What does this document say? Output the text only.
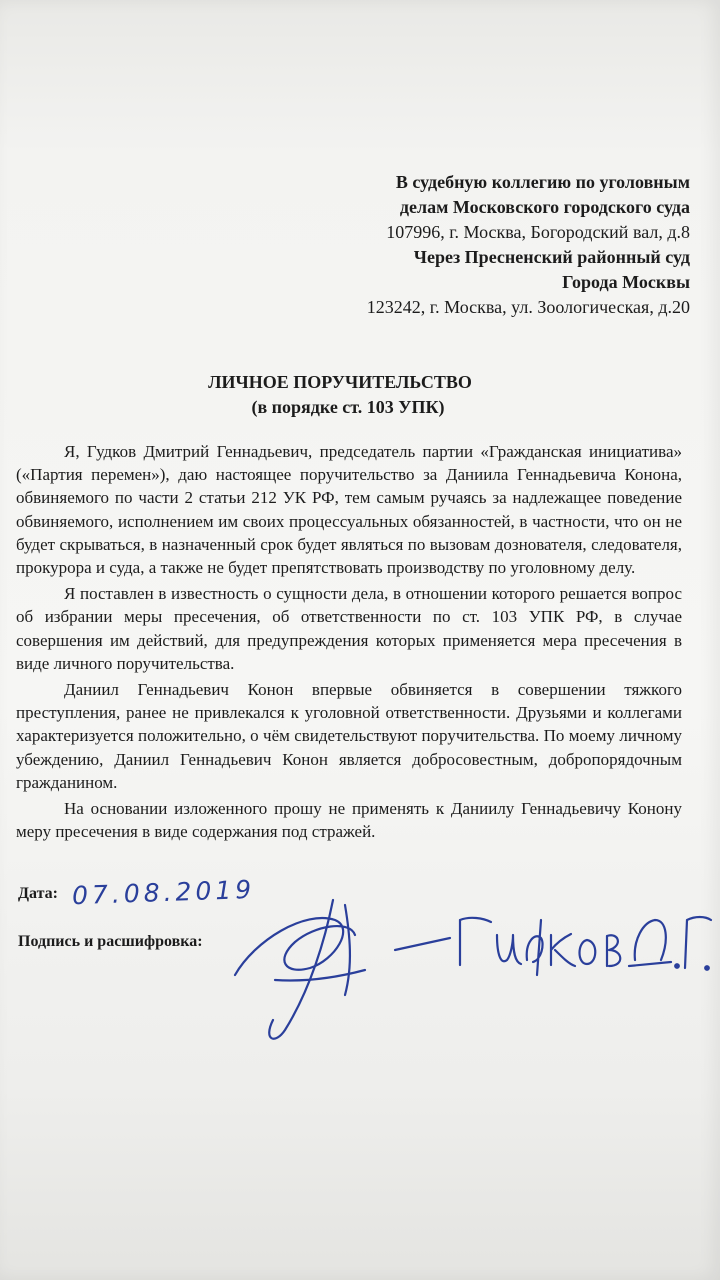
В судебную коллегию по уголовным
делам Московского городского суда
107996, г. Москва, Богородский вал, д.8
Через Пресненский районный суд
Города Москвы
123242, г. Москва, ул. Зоологическая, д.20
ЛИЧНОЕ ПОРУЧИТЕЛЬСТВО
(в порядке ст. 103 УПК)

Я, Гудков Дмитрий Геннадьевич, председатель партии «Гражданская инициатива» («Партия перемен»), даю настоящее поручительство за Даниила Геннадьевича Конона, обвиняемого по части 2 статьи 212 УК РФ, тем самым ручаясь за надлежащее поведение обвиняемого, исполнением им своих процессуальных обязанностей, в частности, что он не будет скрываться, в назначенный срок будет являться по вызовам дознователя, следователя, прокурора и суда, а также не будет препятствовать производству по уголовному делу.

Я поставлен в известность о сущности дела, в отношении которого решается вопрос об избрании меры пресечения, об ответственности по ст. 103 УПК РФ, в случае совершения им действий, для предупреждения которых применяется мера пресечения в виде личного поручительства.

Даниил Геннадьевич Конон впервые обвиняется в совершении тяжкого преступления, ранее не привлекался к уголовной ответственности. Друзьями и коллегами характеризуется положительно, о чём свидетельствуют поручительства. По моему личному убеждению, Даниил Геннадьевич Конон является добросовестным, добропорядочным гражданином.

На основании изложенного прошу не применять к Даниилу Геннадьевичу Конону меру пресечения в виде содержания под стражей.

Дата: 07.08.2019
Подпись и расшифровка:
